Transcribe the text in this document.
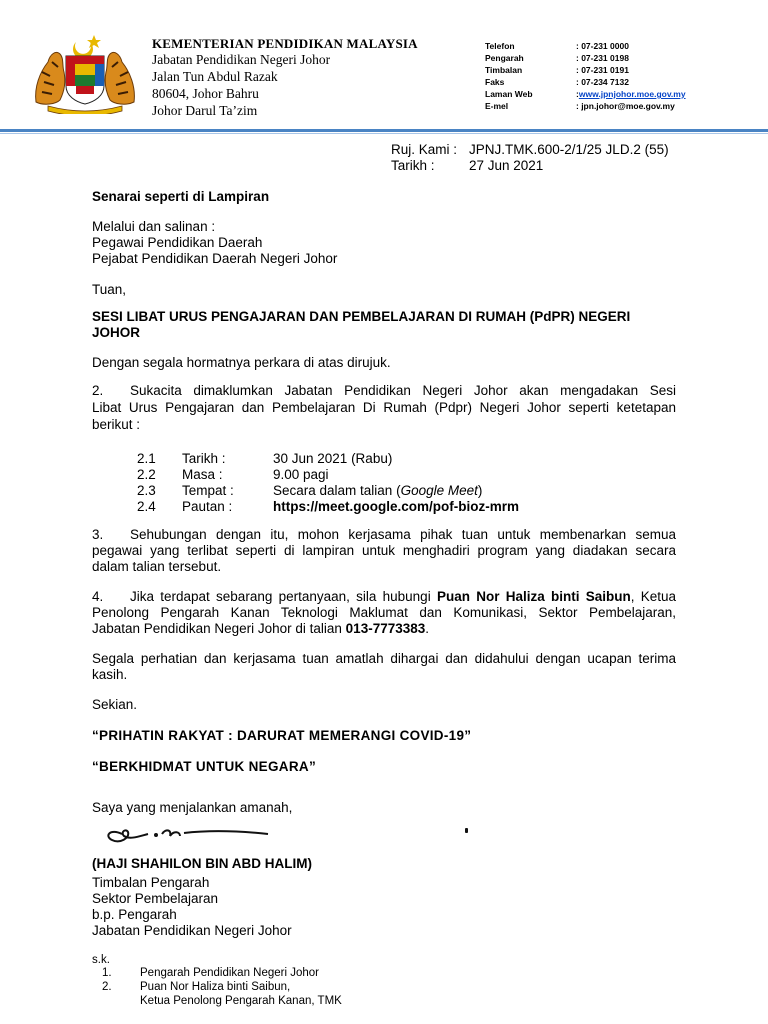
KEMENTERIAN PENDIDIKAN MALAYSIA
Jabatan Pendidikan Negeri Johor
Jalan Tun Abdul Razak
80604, Johor Bahru
Johor Darul Ta’zim
Telefon	: 07-231 0000
Pengarah	: 07-231 0198
Timbalan	: 07-231 0191
Faks	: 07-234 7132
Laman Web	: www.jpnjohor.moe.gov.my
E-mel	: jpn.johor@moe.gov.my
Ruj. Kami : JPNJ.TMK.600-2/1/25 JLD.2 (55)
Tarikh :	27 Jun 2021
Senarai seperti di Lampiran
Melalui dan salinan :
Pegawai Pendidikan Daerah
Pejabat Pendidikan Daerah Negeri Johor
Tuan,
SESI LIBAT URUS PENGAJARAN DAN PEMBELAJARAN DI RUMAH (PdPR) NEGERI
JOHOR
Dengan segala hormatnya perkara di atas dirujuk.
2. Sukacita dimaklumkan Jabatan Pendidikan Negeri Johor akan mengadakan Sesi
Libat Urus Pengajaran dan Pembelajaran Di Rumah (Pdpr) Negeri Johor seperti ketetapan
berikut :
2.1	Tarikh :	30 Jun 2021 (Rabu)
2.2	Masa :	9.00 pagi
2.3	Tempat :	Secara dalam talian (Google Meet)
2.4	Pautan :	https://meet.google.com/pof-bioz-mrm
3. Sehubungan dengan itu, mohon kerjasama pihak tuan untuk membenarkan semua
pegawai yang terlibat seperti di lampiran untuk menghadiri program yang diadakan secara
dalam talian tersebut.
4. Jika terdapat sebarang pertanyaan, sila hubungi Puan Nor Haliza binti Saibun, Ketua
Penolong Pengarah Kanan Teknologi Maklumat dan Komunikasi, Sektor Pembelajaran,
Jabatan Pendidikan Negeri Johor di talian 013-7773383.
Segala perhatian dan kerjasama tuan amatlah dihargai dan didahului dengan ucapan terima
kasih.
Sekian.
“PRIHATIN RAKYAT : DARURAT MEMERANGI COVID-19”
“BERKHIDMAT UNTUK NEGARA”
Saya yang menjalankan amanah,
(HAJI SHAHILON BIN ABD HALIM)
Timbalan Pengarah
Sektor Pembelajaran
b.p. Pengarah
Jabatan Pendidikan Negeri Johor
s.k.
1.	Pengarah Pendidikan Negeri Johor
2.	Puan Nor Haliza binti Saibun,
Ketua Penolong Pengarah Kanan, TMK
